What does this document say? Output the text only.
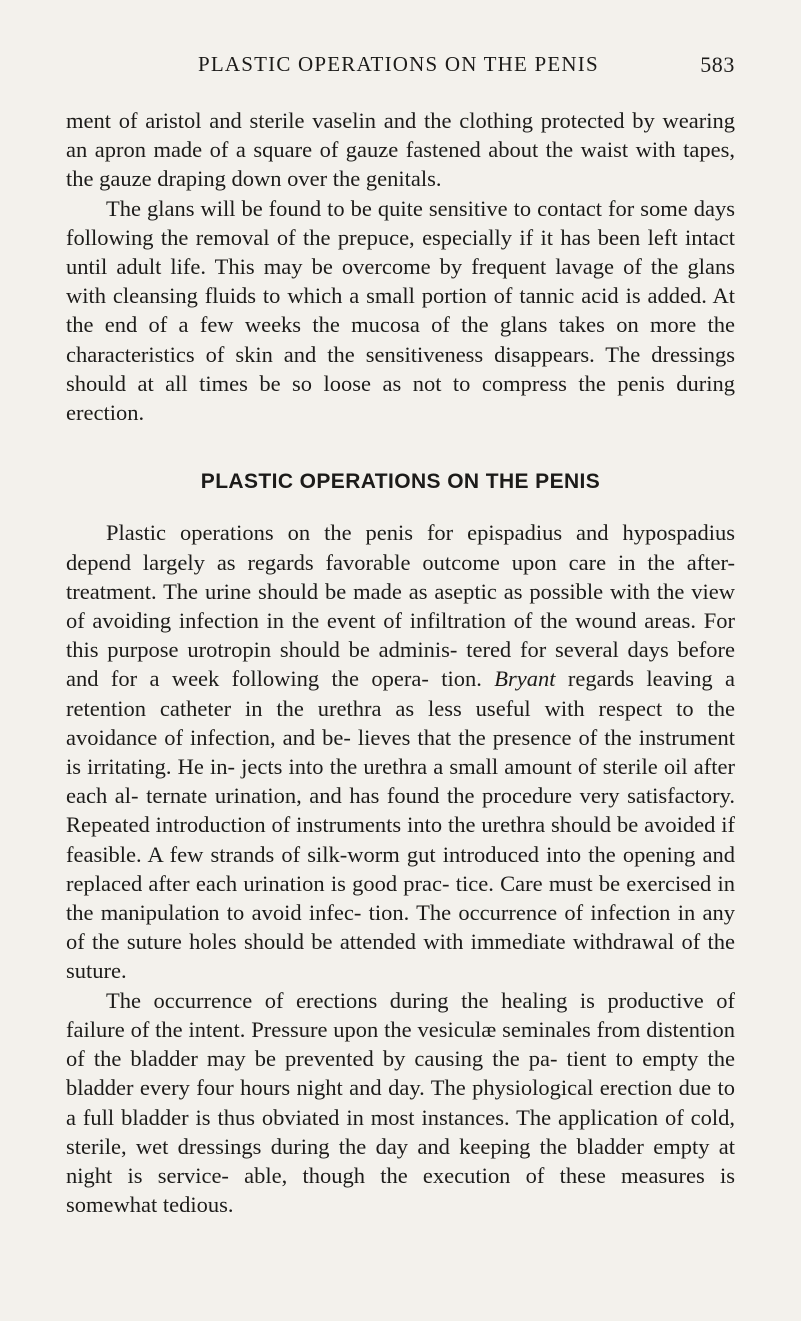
PLASTIC OPERATIONS ON THE PENIS	583

ment of aristol and sterile vaselin and the clothing protected by wearing an apron made of a square of gauze fastened about the waist with tapes, the gauze draping down over the genitals.

The glans will be found to be quite sensitive to contact for some days following the removal of the prepuce, especially if it has been left intact until adult life. This may be overcome by frequent lavage of the glans with cleansing fluids to which a small portion of tannic acid is added. At the end of a few weeks the mucosa of the glans takes on more the characteristics of skin and the sensitiveness disappears. The dressings should at all times be so loose as not to compress the penis during erection.

PLASTIC OPERATIONS ON THE PENIS

Plastic operations on the penis for epispadius and hypospadius depend largely as regards favorable outcome upon care in the after-treatment. The urine should be made as aseptic as possible with the view of avoiding infection in the event of infiltration of the wound areas. For this purpose urotropin should be adminis- tered for several days before and for a week following the opera- tion. Bryant regards leaving a retention catheter in the urethra as less useful with respect to the avoidance of infection, and be- lieves that the presence of the instrument is irritating. He in- jects into the urethra a small amount of sterile oil after each al- ternate urination, and has found the procedure very satisfactory. Repeated introduction of instruments into the urethra should be avoided if feasible. A few strands of silk-worm gut introduced into the opening and replaced after each urination is good prac- tice. Care must be exercised in the manipulation to avoid infec- tion. The occurrence of infection in any of the suture holes should be attended with immediate withdrawal of the suture.

The occurrence of erections during the healing is productive of failure of the intent. Pressure upon the vesiculæ seminales from distention of the bladder may be prevented by causing the pa- tient to empty the bladder every four hours night and day. The physiological erection due to a full bladder is thus obviated in most instances. The application of cold, sterile, wet dressings during the day and keeping the bladder empty at night is service- able, though the execution of these measures is somewhat tedious.
